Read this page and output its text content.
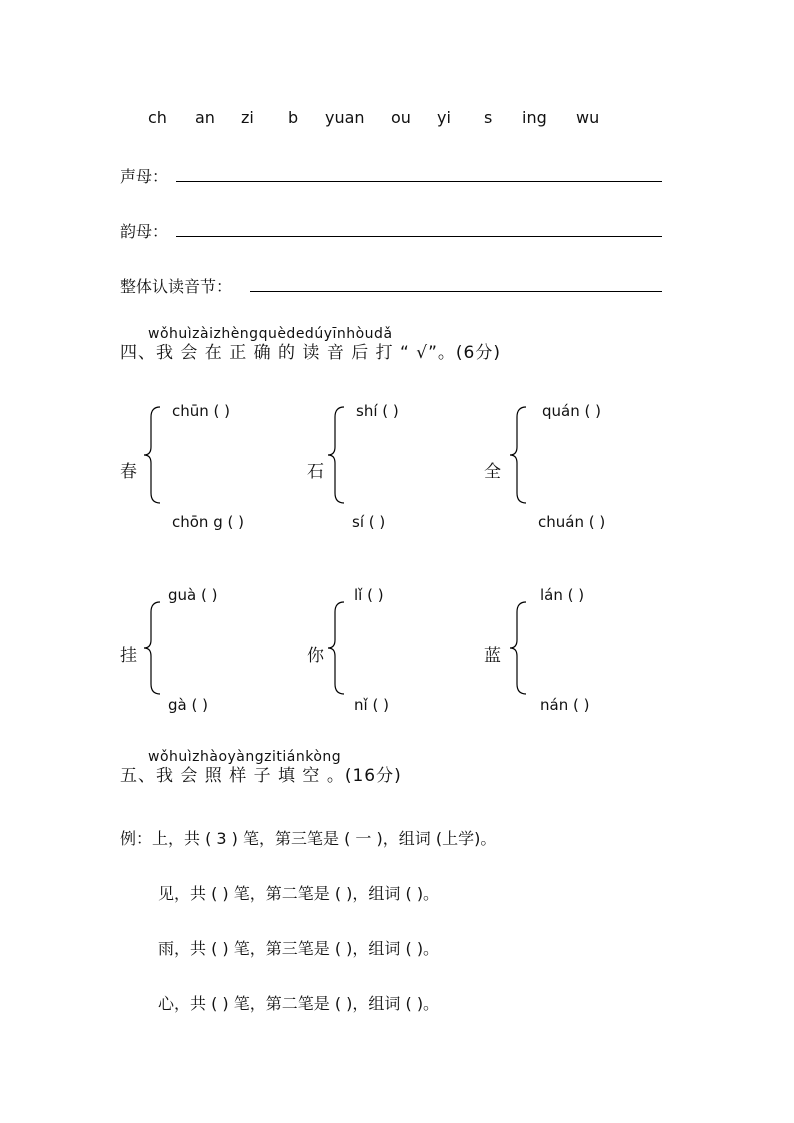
ch an zi b yuan ou yi s ing wu
声母：
韵母：
整体认读音节：
wǒhuìzàizhèngquèdedúyīnhòudǎ
四、我 会 在 正 确 的 读 音 后 打 “ √”。(6分)
春
chūn ( )
chōn g ( )
石
shí ( )
sí ( )
全
quán ( )
chuán ( )
挂
guà ( )
gà ( )
你
lǐ ( )
nǐ ( )
蓝
lán ( )
nán ( )
wǒhuìzhàoyàngzitiánkòng
五、我 会 照 样 子 填 空 。(16分)
例：上，共 ( 3 ) 笔，第三笔是 ( 一 )，组词 (上学)。
见，共 ( ) 笔，第二笔是 ( )，组词 ( )。
雨，共 ( ) 笔，第三笔是 ( )，组词 ( )。
心，共 ( ) 笔，第二笔是 ( )，组词 ( )。
